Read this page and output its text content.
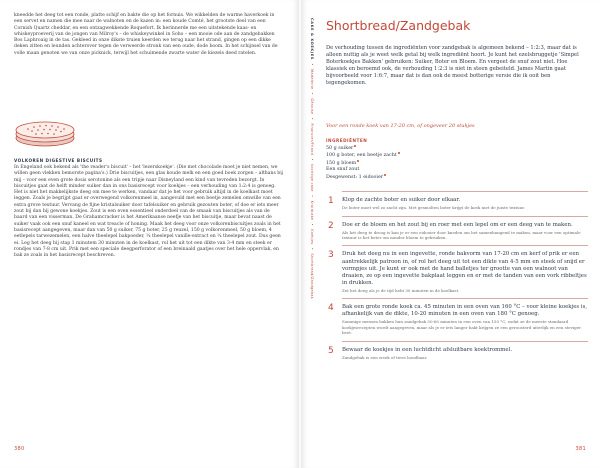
kneedde het deeg tot een ronde, platte schijf en bakte die op het fornuis. We wikkelden de warme haverkoek in een servet en namen die mee naar de walnoten en de kazen in: een koude Comté, het grootste deel van een Cornish Quartz cheddar, en een ontzagwekkende Roquefort. Ik herinnerde me een uitstekende kaas- en whiskeyproeverij van de jongen van Milroy's – de whiskeywinkel in Soho – een mooie ode aan de zandgebakken Bos Laphroaig in de tas. Gekleed in onze dikste truien keerden we terug naar het strand, gingen op een dikke deken zitten en leunden achterover tegen de verweerde stronk van een oude, dode boom. In het schijnsel van de volle maan genoten we van onze picknick, terwijl het schuimende zwarte water de kiezels deed ratelen.

VOLKOREN DIGESTIVE BISCUITS

In Engeland ook bekend als 'the reader's biscuit' – het 'lezerskoekje'. (Die met chocolade moet je niet nemen, we willen geen vlekken bemorste pagina's.) Drie biscuitjes, een glas koude melk en een goed boek zorgen – althans bij mij – voor een even grote dosis serotonine als een tripje naar Disneyland een kind van tevreden bezorgt. In biscuitjes gaat de helft minder suiker dan in ons basisrecept voor koekjes – een verhouding van 1:2:4 is genoeg. Het is niet het makkelijkste deeg om mee te werken, vandaar dat je het voor gebruik altijd in de koelkast moet leggen. Zoals je begrijpt gaat er overwegend volkorenmeel in, aangevuld met een beetje zemelen omwille van een extra grove textuur. Vervang de fijne kristalsuiker door tafelsuiker en gebruik gezouten boter, of doe er iets meer zout bij dan bij gewone koekjes. Zout is een even essentieel onderdeel van de smaak van biscuitjes als van de baard van een visserman. De Grahamcracker is het Amerikaanse neefje van het biscuitje, maar bevat naast de suiker vaak ook een snuf kaneel en wat treacle of honing. Maak het deeg voor onze volkorenbiscuitjes zoals in het basisrecept aangegeven, maar dan van 50 g suiker, 75 g boter, 25 g reuzel, 150 g volkorenmeel, 50 g bloem, 4 eetlepels tarwezemelen, een halve theelepel bakpoeder, ¼ theelepel vanille-extract en ¼ theelepel zout. Dus geen ei. Leg het deeg bij stap 1 minutem 30 minuten in de koelkast, rol het uit tot een dikte van 3-4 mm en steek er rondjes van 7-8 cm uit. Prik met een speciale deegperforator of een breinaald gaatjes over het hele oppervlak, en bak ze zoals in het basisrecept beschreven.

380
CAKE & KOEKJES • Madeleine • Génoise • Financier/Friand • Vochtige cake • Kruidcake • Koekjes • Shortbread/Zandgebak
Shortbread/Zandgebak

De verhouding tussen de ingrediënten voor zandgebak is algemeen bekend – 1:2:3, maar dat is alleen nuttig als je weet welk getal bij welk ingrediënt hoort. Je kunt het ezelsbruggetje 'Simpel Boterkoekjes Bakken' gebruiken: Suiker, Boter en Bloem. En vergeet de snuf zout niet. Hoe klassiek en beroemd ook, de verhouding 1:2:3 is niet in steen gebeiteld. James Martin gaat bijvoorbeeld voor 1:6:7, maar dat is dan ook de meest botterige versie die ik ooit ben tegengekomen.

Voor een ronde koek van 17-20 cm, of ongeveer 20 stukjes

INGREDIËNTEN

50 g suiker

100 g boter, een beetje zacht

150 g bloem

Een snuf zout

Desgewenst: 1 eidooier

1 Klop de zachte boter en suiker door elkaar.

De boter moet wel zo zacht zijn. Met gesmolten boter krijgt de koek niet de juiste textuur.

2 Doe er de bloem en het zout bij en roer met een lepel om er een deeg van te maken.

Als het deeg te droog is kan je er een eidooier door kneden om het samenhangend te maken, maar voor een optimale textuur is het beter om minder bloem te gebruiken.

3 Druk het deeg nu in een ingevette, ronde bakvorm van 17-20 cm en kerf of prik er een aantrekkelijk patroon in, of rol het deeg uit tot een dikte van 4-5 mm en steek of snijd er vormpjes uit. Je kunt er ook met de hand balletjes ter grootte van een walnoot van draaien, ze op een ingevette bakplaat leggen en er met de tanden van een vork ribbeltjes in drukken.

Zet het deeg als je de tijd hebt 30 minuten in de koelkast.

4 Bak een grote ronde koek ca. 45 minuten in een oven van 160 °C – voor kleine koekjes is, afhankelijk van de dikte, 10-20 minuten in een oven van 180 °C genoeg.

Sommige mensen bakken hun zandgebak 50-60 minuten in een oven van 150 °C, zodat ze de meeste standaard koekjesrecepten wordt aangegeven, maar als je er iets langer bakt krijgen ze een gerousterd uiterlijk en een steviger beet.

5 Bewaar de koekjes in een luchtdicht afsluitbare koektrommel.

Zandgebak is een week of twee houdbaar.

381
